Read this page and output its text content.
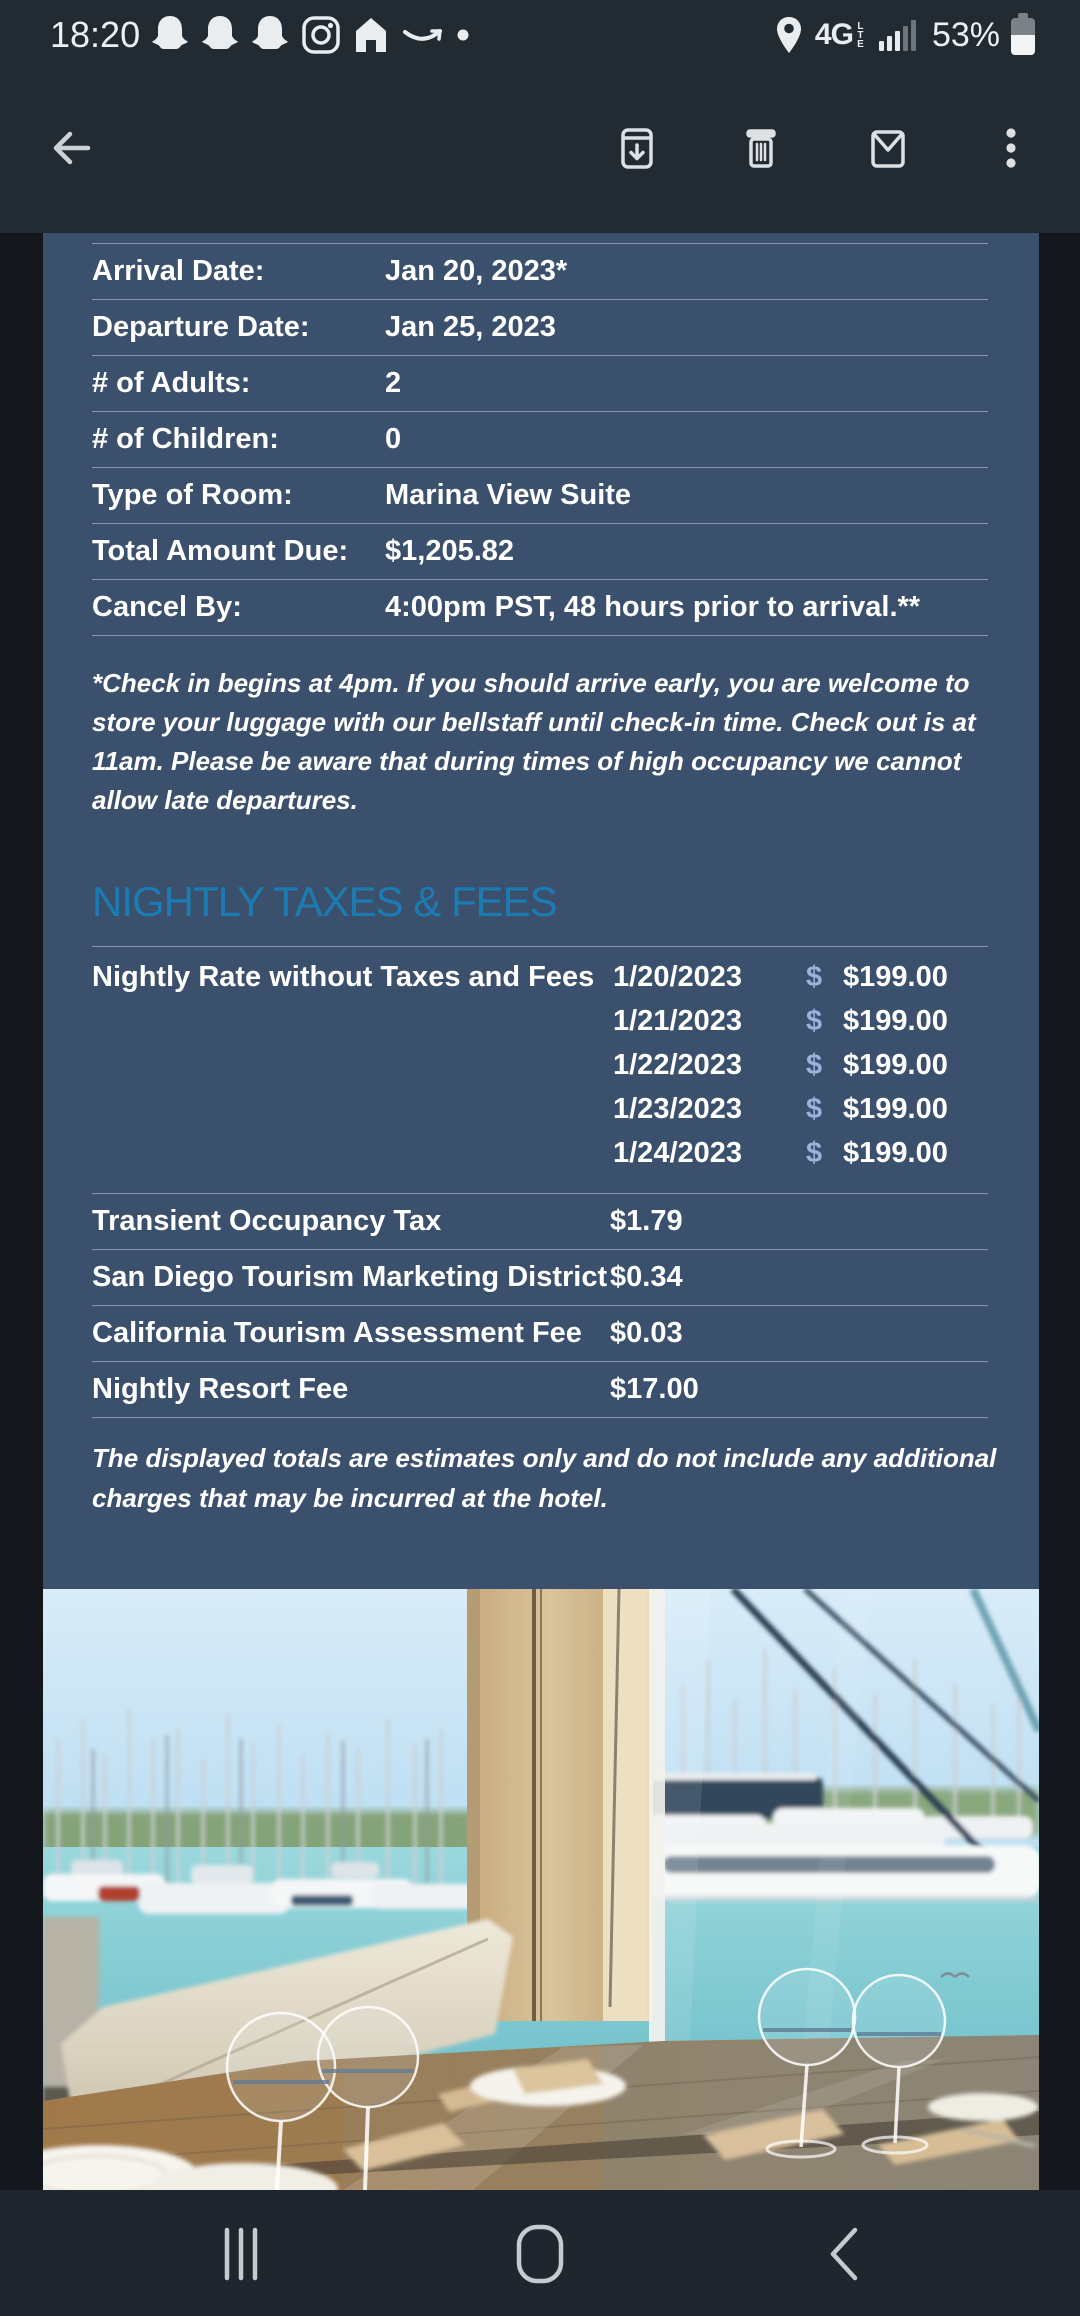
18:20	4G LTE 53%
Arrival Date:	Jan 20, 2023*
Departure Date:	Jan 25, 2023
# of Adults:	2
# of Children:	0
Type of Room:	Marina View Suite
Total Amount Due:	$1,205.82
Cancel By:	4:00pm PST, 48 hours prior to arrival.**

*Check in begins at 4pm. If you should arrive early, you are welcome to store your luggage with our bellstaff until check-in time. Check out is at 11am. Please be aware that during times of high occupancy we cannot allow late departures.

NIGHTLY TAXES & FEES
Nightly Rate without Taxes and Fees 1/20/2023	$ $199.00
1/21/2023	$ $199.00
1/22/2023	$ $199.00
1/23/2023	$ $199.00
1/24/2023	$ $199.00
Transient Occupancy Tax	$1.79
San Diego Tourism Marketing District $0.34
California Tourism Assessment Fee $0.03
Nightly Resort Fee	$17.00

The displayed totals are estimates only and do not include any additional charges that may be incurred at the hotel.
